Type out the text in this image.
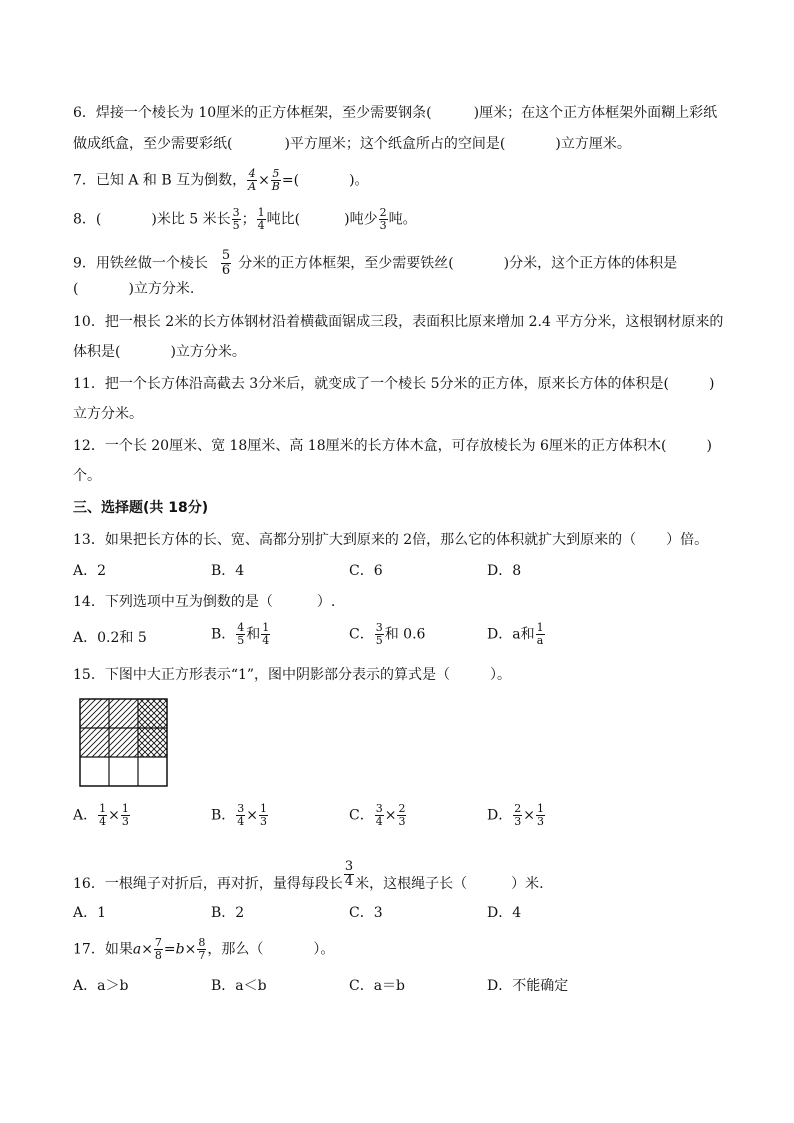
6．焊接一个棱长为 10厘米的正方体框架，至少需要钢条(	)厘米；在这个正方体框架外面糊上彩纸
做成纸盒，至少需要彩纸(	)平方厘米；这个纸盒所占的空间是(	)立方厘米。
7．已知 A 和 B 互为倒数， $\frac{4}{A} \times \frac{5}{B}$ =(	)。
8．(	)米比 5 米长 $\frac{3}{5}$ ； $\frac{1}{4}$ 吨比(	)吨少 $\frac{2}{3}$ 吨。
9．用铁丝做一个棱长 $\frac{5}{6}$ 分米的正方体框架，至少需要铁丝(	)分米，这个正方体的体积是
(	)立方分米.
10．把一根长 2米的长方体钢材沿着横截面锯成三段，表面积比原来增加 2.4 平方分米，这根钢材原来的
体积是(	)立方分米。
11．把一个长方体沿高截去 3分米后，就变成了一个棱长 5分米的正方体，原来长方体的体积是(	)
立方分米。
12．一个长 20厘米、宽 18厘米、高 18厘米的长方体木盒，可存放棱长为 6厘米的正方体积木(	)
个。
三、选择题(共 18分)
13．如果把长方体的长、宽、高都分别扩大到原来的 2倍，那么它的体积就扩大到原来的（ ）倍。
A．2	B．4	C．6	D．8
14．下列选项中互为倒数的是（	）.
A．0.2和 5	B． $\frac{4}{5}$ 和 $\frac{1}{4}$	C． $\frac{3}{5}$ 和 0.6	D．a和 $\frac{1}{a}$
15．下图中大正方形表示“1”，图中阴影部分表示的算式是（	）。
A． $\frac{1}{4} \times \frac{1}{3}$	B． $\frac{3}{4} \times \frac{1}{3}$	C． $\frac{3}{4} \times \frac{2}{3}$	D． $\frac{2}{3} \times \frac{1}{3}$
16．一根绳子对折后，再对折，量得每段长 $\frac{3}{4}$ 米，这根绳子长（	）米.
A．1	B．2	C．3	D．4
17．如果$a\times \frac{7}{8} =b\times \frac{8}{7}$ ，那么（	）。
A．a＞b	B．a＜b	C．a＝b	D．不能确定
